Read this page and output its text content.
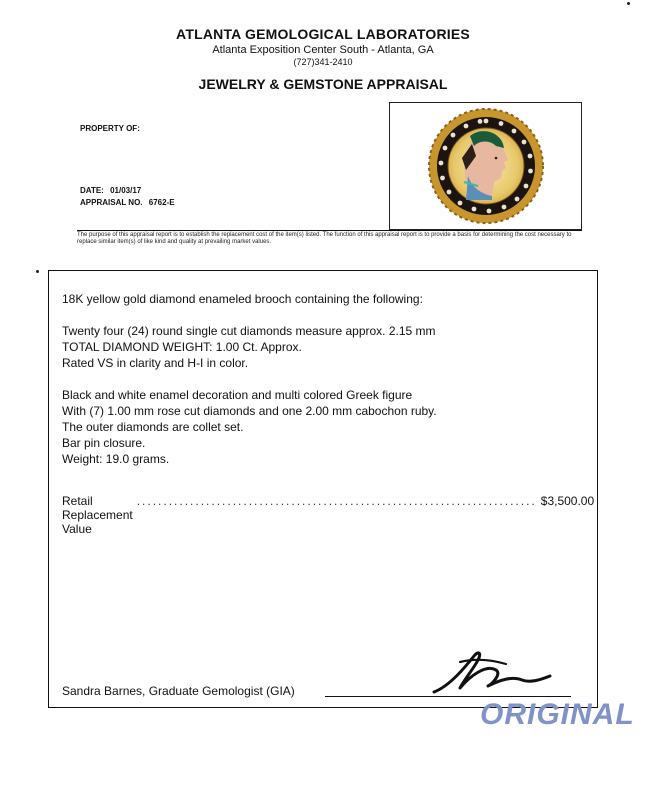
ATLANTA GEMOLOGICAL LABORATORIES
Atlanta Exposition Center South - Atlanta, GA
(727)341-2410
JEWELRY & GEMSTONE APPRAISAL
PROPERTY OF:
DATE: 01/03/17
APPRAISAL NO. 6762-E
The purpose of this appraisal report is to establish the replacement cost of the item(s) listed. The function of this appraisal report is to provide a basis for determining the cost necessary to replace similar item(s) of like kind and quality at prevailing market values.

18K yellow gold diamond enameled brooch containing the following:

Twenty four (24) round single cut diamonds measure approx. 2.15 mm

TOTAL DIAMOND WEIGHT: 1.00 Ct. Approx.

Rated VS in clarity and H-I in color.

Black and white enamel decoration and multi colored Greek figure

With (7) 1.00 mm rose cut diamonds and one 2.00 mm cabochon ruby.

The outer diamonds are collet set.

Bar pin closure.

Weight: 19.0 grams.

Retail Replacement Value
........................................................................... $3,500.00
Sandra Barnes, Graduate Gemologist (GIA)
ORIGINAL
